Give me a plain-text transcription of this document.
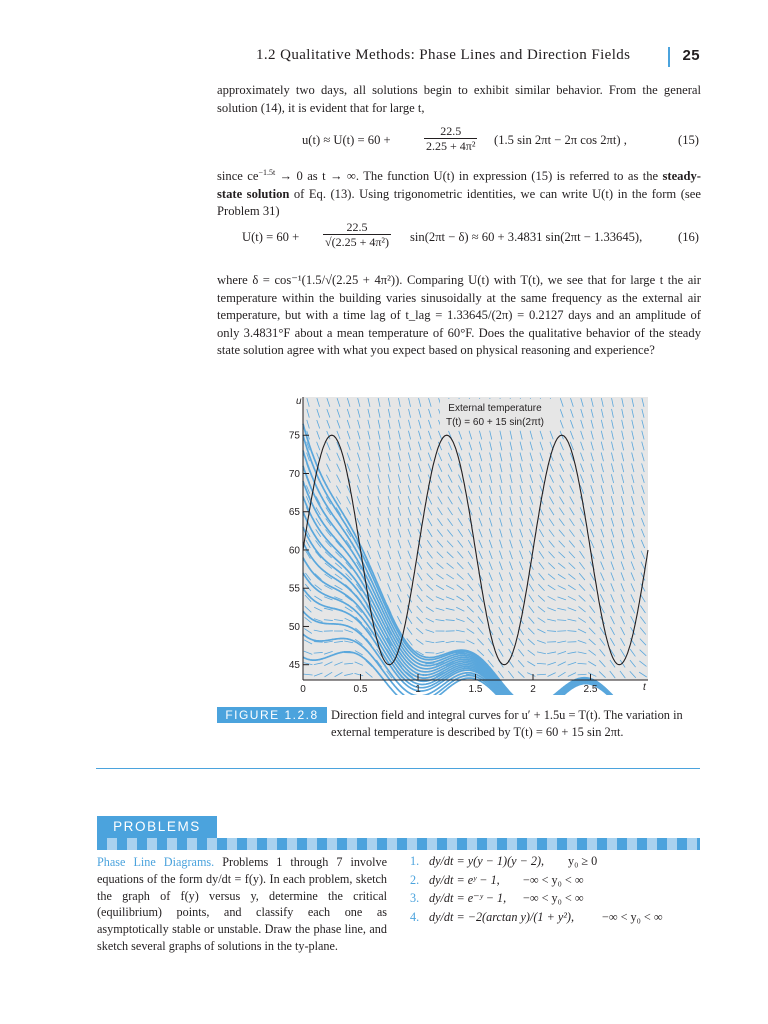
1.2 Qualitative Methods: Phase Lines and Direction Fields	25
approximately two days, all solutions begin to exhibit similar behavior. From the general solution (14), it is evident that for large t,
u(t) ≈ U(t) = 60 +	$\frac{22.5}{\text{2.25 + 4π²}} (1.5$ sin 2πt − 2π cos 2πt) ,	(15)
since $ce^{-1.5t} \to 0$ as t → ∞. The function U(t) in expression (15) is referred to as the steady-state solution of Eq. (13). Using trigonometric identities, we can write U(t) in the form (see Problem 31)
$U(t) = 60 + \frac{22.5}{\text{√(2.25 + 4π²)}} \sin(2\pi t - \delta) \approx 60 + 3.4831$ sin(2πt − 1.33645),	(16)
where δ = cos⁻¹(1.5/√(2.25 + 4π²)). Comparing U(t) with T(t), we see that for large t the air temperature within the building varies sinusoidally at the same frequency as the external air temperature, but with a time lag of t_lag = 1.33645/(2π) = 0.2127 days and an amplitude of only 3.4831°F about a mean temperature of 60°F. Does the qualitative behavior of the steady state solution agree with what you expect based on physical reasoning and experience?
0	0.5	1	1.5	2	2.5
45
50
55
60
65
70
75
u
t
External temperature
T(t) = 60 + 15 sin(2πt)
FIGURE 1.2.8 Direction field and integral curves for u′ + 1.5u = T(t). The variation in external temperature is described by T(t) = 60 + 15 sin 2πt.
PROBLEMS
Phase Line Diagrams. Problems 1 through 7 involve equations of the form dy/dt = f(y). In each problem, sketch the graph of f(y) versus y, determine the critical (equilibrium) points, and classify each one as asymptotically stable or unstable. Draw the phase line, and sketch several graphs of solutions in the ty-plane.
1. dy/dt = y(y − 1)(y − 2), y₀ ≥ 0
2. dy/dt = eʸ − 1, −∞ < y₀ < ∞
3. dy/dt = e⁻ʸ − 1, −∞ < y₀ < ∞
4. dy/dt = −2(arctan y)/(1 + y²), −∞ < y₀ < ∞
